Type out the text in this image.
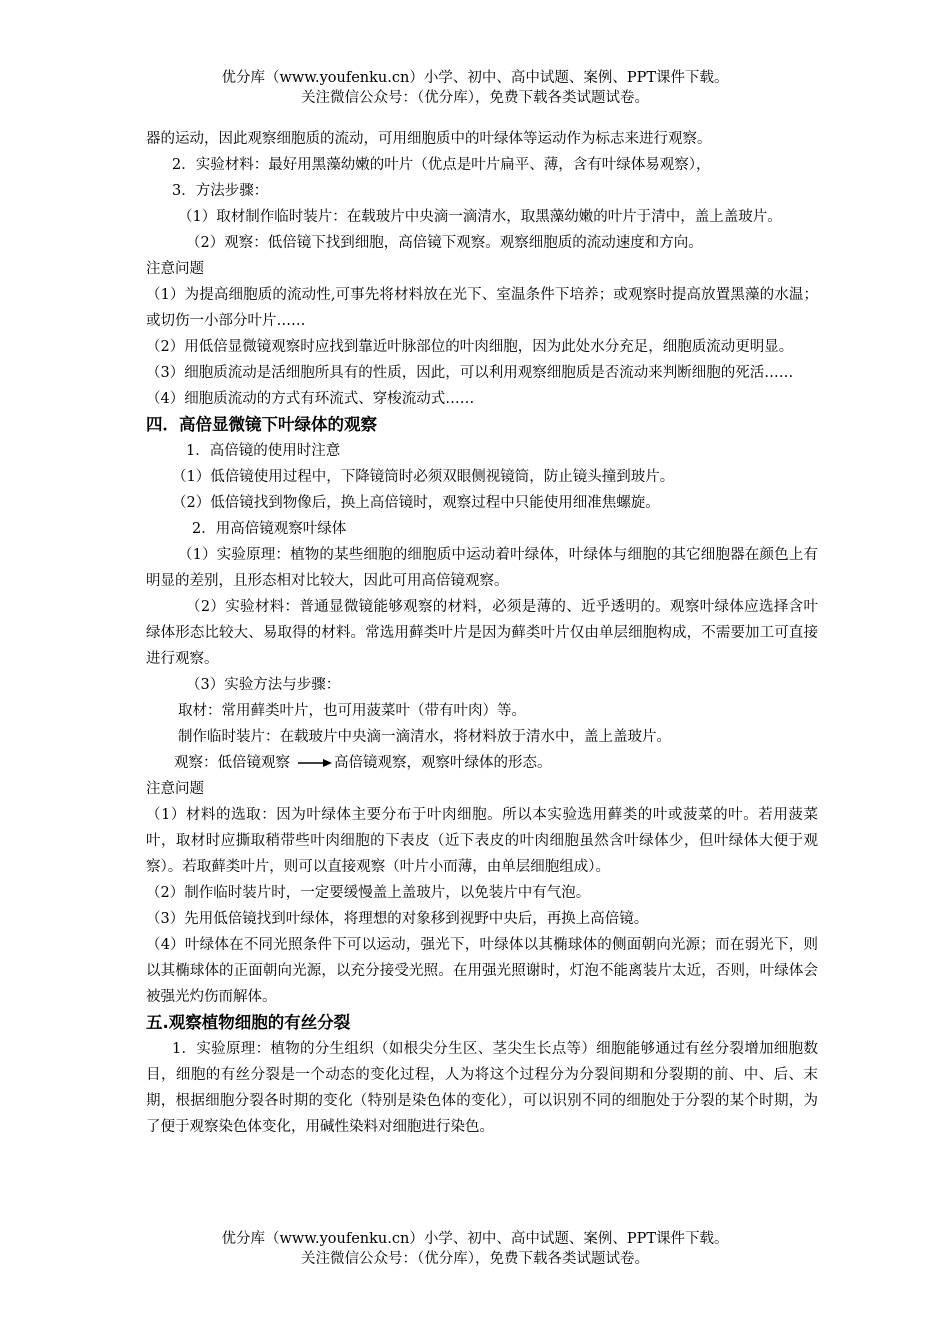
优分库（www.youfenku.cn）小学、初中、高中试题、案例、PPT课件下载。
关注微信公众号：（优分库），免费下载各类试题试卷。

器的运动，因此观察细胞质的流动，可用细胞质中的叶绿体等运动作为标志来进行观察。

2．实验材料：最好用黑藻幼嫩的叶片（优点是叶片扁平、薄，含有叶绿体易观察），

3．方法步骤：

（1）取材制作临时装片：在载玻片中央滴一滴清水，取黑藻幼嫩的叶片于清中，盖上盖玻片。

（2）观察：低倍镜下找到细胞，高倍镜下观察。观察细胞质的流动速度和方向。

注意问题

（1）为提高细胞质的流动性,可事先将材料放在光下、室温条件下培养；或观察时提高放置黑藻的水温；或切伤一小部分叶片……

（2）用低倍显微镜观察时应找到靠近叶脉部位的叶肉细胞，因为此处水分充足，细胞质流动更明显。

（3）细胞质流动是活细胞所具有的性质，因此，可以利用观察细胞质是否流动来判断细胞的死活……

（4）细胞质流动的方式有环流式、穿梭流动式……

四．高倍显微镜下叶绿体的观察

1．高倍镜的使用时注意

（1）低倍镜使用过程中，下降镜筒时必须双眼侧视镜筒，防止镜头撞到玻片。

（2）低倍镜找到物像后，换上高倍镜时，观察过程中只能使用细准焦螺旋。

2．用高倍镜观察叶绿体

（1）实验原理：植物的某些细胞的细胞质中运动着叶绿体，叶绿体与细胞的其它细胞器在颜色上有明显的差别，且形态相对比较大，因此可用高倍镜观察。

（2）实验材料：普通显微镜能够观察的材料，必须是薄的、近乎透明的。观察叶绿体应选择含叶绿体形态比较大、易取得的材料。常选用藓类叶片是因为藓类叶片仅由单层细胞构成，不需要加工可直接进行观察。

（3）实验方法与步骤：

取材：常用藓类叶片，也可用菠菜叶（带有叶肉）等。

制作临时装片：在载玻片中央滴一滴清水，将材料放于清水中，盖上盖玻片。

观察：低倍镜观察	高倍镜观察，观察叶绿体的形态。

注意问题

（1）材料的选取：因为叶绿体主要分布于叶肉细胞。所以本实验选用藓类的叶或菠菜的叶。若用菠菜叶，取材时应撕取稍带些叶肉细胞的下表皮（近下表皮的叶肉细胞虽然含叶绿体少，但叶绿体大便于观察）。若取藓类叶片，则可以直接观察（叶片小而薄，由单层细胞组成）。

（2）制作临时装片时，一定要缓慢盖上盖玻片，以免装片中有气泡。

（3）先用低倍镜找到叶绿体，将理想的对象移到视野中央后，再换上高倍镜。

（4）叶绿体在不同光照条件下可以运动，强光下，叶绿体以其椭球体的侧面朝向光源；而在弱光下，则以其椭球体的正面朝向光源，以充分接受光照。在用强光照谢时，灯泡不能离装片太近，否则，叶绿体会被强光灼伤而解体。

五.观察植物细胞的有丝分裂

1．实验原理：植物的分生组织（如根尖分生区、茎尖生长点等）细胞能够通过有丝分裂增加细胞数目，细胞的有丝分裂是一个动态的变化过程，人为将这个过程分为分裂间期和分裂期的前、中、后、末期，根据细胞分裂各时期的变化（特别是染色体的变化），可以识别不同的细胞处于分裂的某个时期，为了便于观察染色体变化，用碱性染料对细胞进行染色。

优分库（www.youfenku.cn）小学、初中、高中试题、案例、PPT课件下载。
关注微信公众号：（优分库），免费下载各类试题试卷。
